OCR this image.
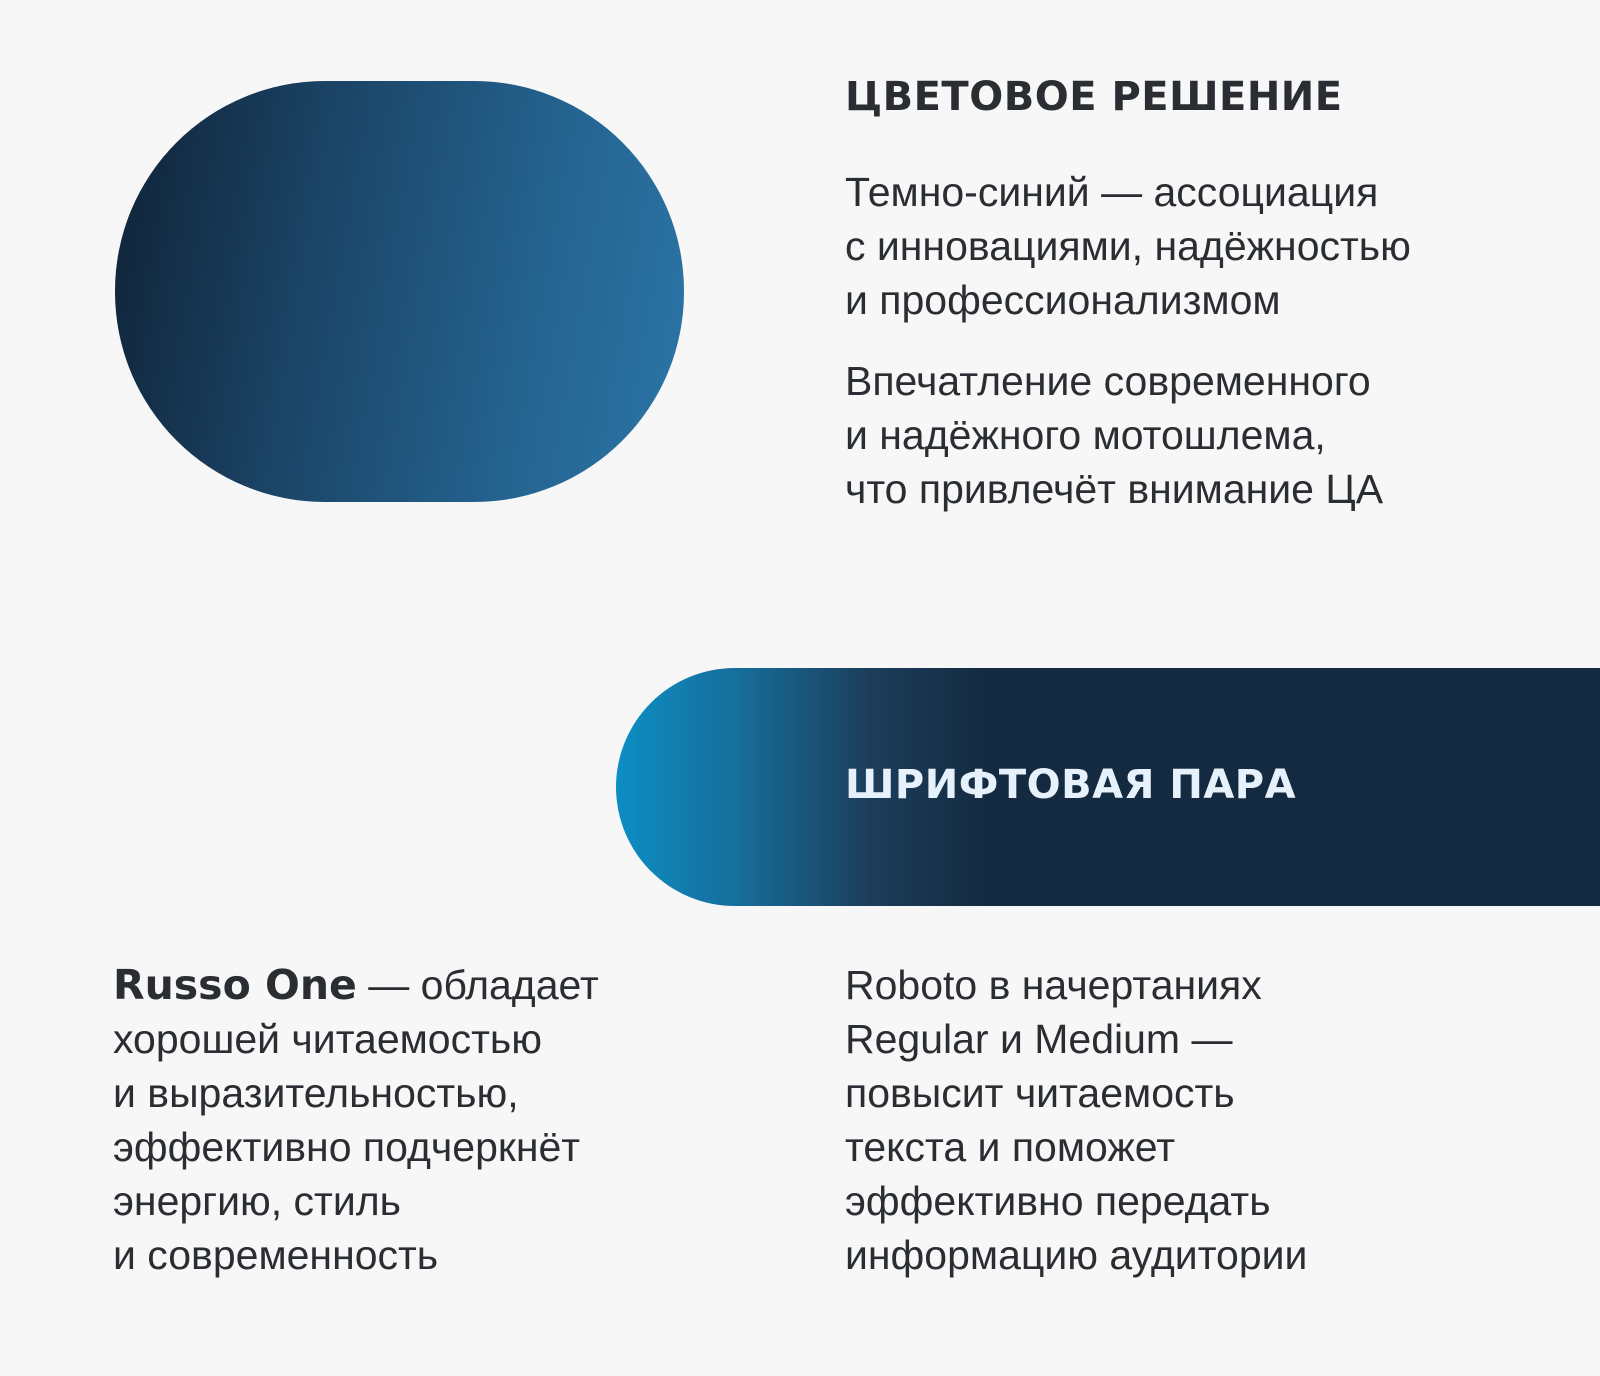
ЦВЕТОВОЕ РЕШЕНИЕ

Темно-синий — ассоциация
с инновациями, надёжностью
и профессионализмом

Впечатление современного
и надёжного мотошлема,
что привлечёт внимание ЦА

ШРИФТОВАЯ ПАРА

Russo One — обладает
хорошей читаемостью
и выразительностью,
эффективно подчеркнёт
энергию, стиль
и современность

Roboto в начертаниях
Regular и Medium —
повысит читаемость
текста и поможет
эффективно передать
информацию аудитории
